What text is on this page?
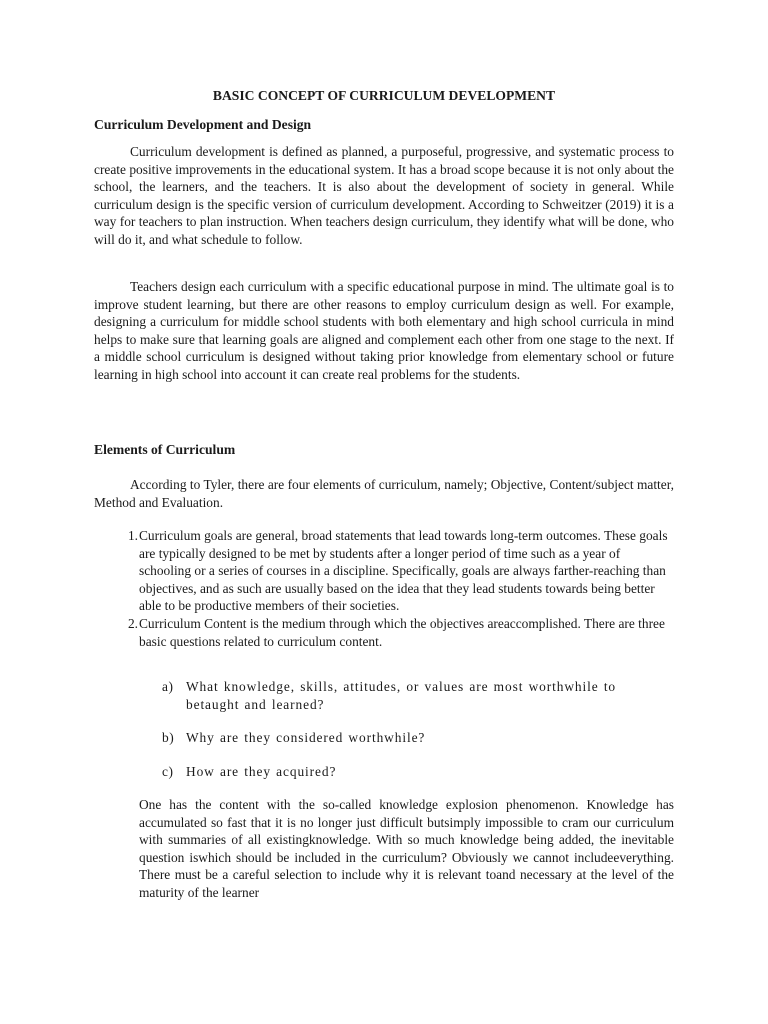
BASIC CONCEPT OF CURRICULUM DEVELOPMENT
Curriculum Development and Design
Curriculum development is defined as planned, a purposeful, progressive, and systematic process to create positive improvements in the educational system. It has a broad scope because it is not only about the school, the learners, and the teachers. It is also about the development of society in general. While curriculum design is the specific version of curriculum development. According to Schweitzer (2019) it is a way for teachers to plan instruction. When teachers design curriculum, they identify what will be done, who will do it, and what schedule to follow.
Teachers design each curriculum with a specific educational purpose in mind. The ultimate goal is to improve student learning, but there are other reasons to employ curriculum design as well. For example, designing a curriculum for middle school students with both elementary and high school curricula in mind helps to make sure that learning goals are aligned and complement each other from one stage to the next. If a middle school curriculum is designed without taking prior knowledge from elementary school or future learning in high school into account it can create real problems for the students.
Elements of Curriculum
According to Tyler, there are four elements of curriculum, namely; Objective, Content/subject matter, Method and Evaluation.
1. Curriculum goals are general, broad statements that lead towards long-term outcomes. These goals are typically designed to be met by students after a longer period of time such as a year of schooling or a series of courses in a discipline. Specifically, goals are always farther-reaching than objectives, and as such are usually based on the idea that they lead students towards being better able to be productive members of their societies.
2. Curriculum Content is the medium through which the objectives areaccomplished. There are three basic questions related to curriculum content.
a) What knowledge, skills, attitudes, or values are most worthwhile to betaught and learned?
b) Why are they considered worthwhile?
c) How are they acquired?
One has the content with the so-called knowledge explosion phenomenon. Knowledge has accumulated so fast that it is no longer just difficult butsimply impossible to cram our curriculum with summaries of all existingknowledge. With so much knowledge being added, the inevitable question iswhich should be included in the curriculum? Obviously we cannot includeeverything. There must be a careful selection to include why it is relevant toand necessary at the level of the maturity of the learner
